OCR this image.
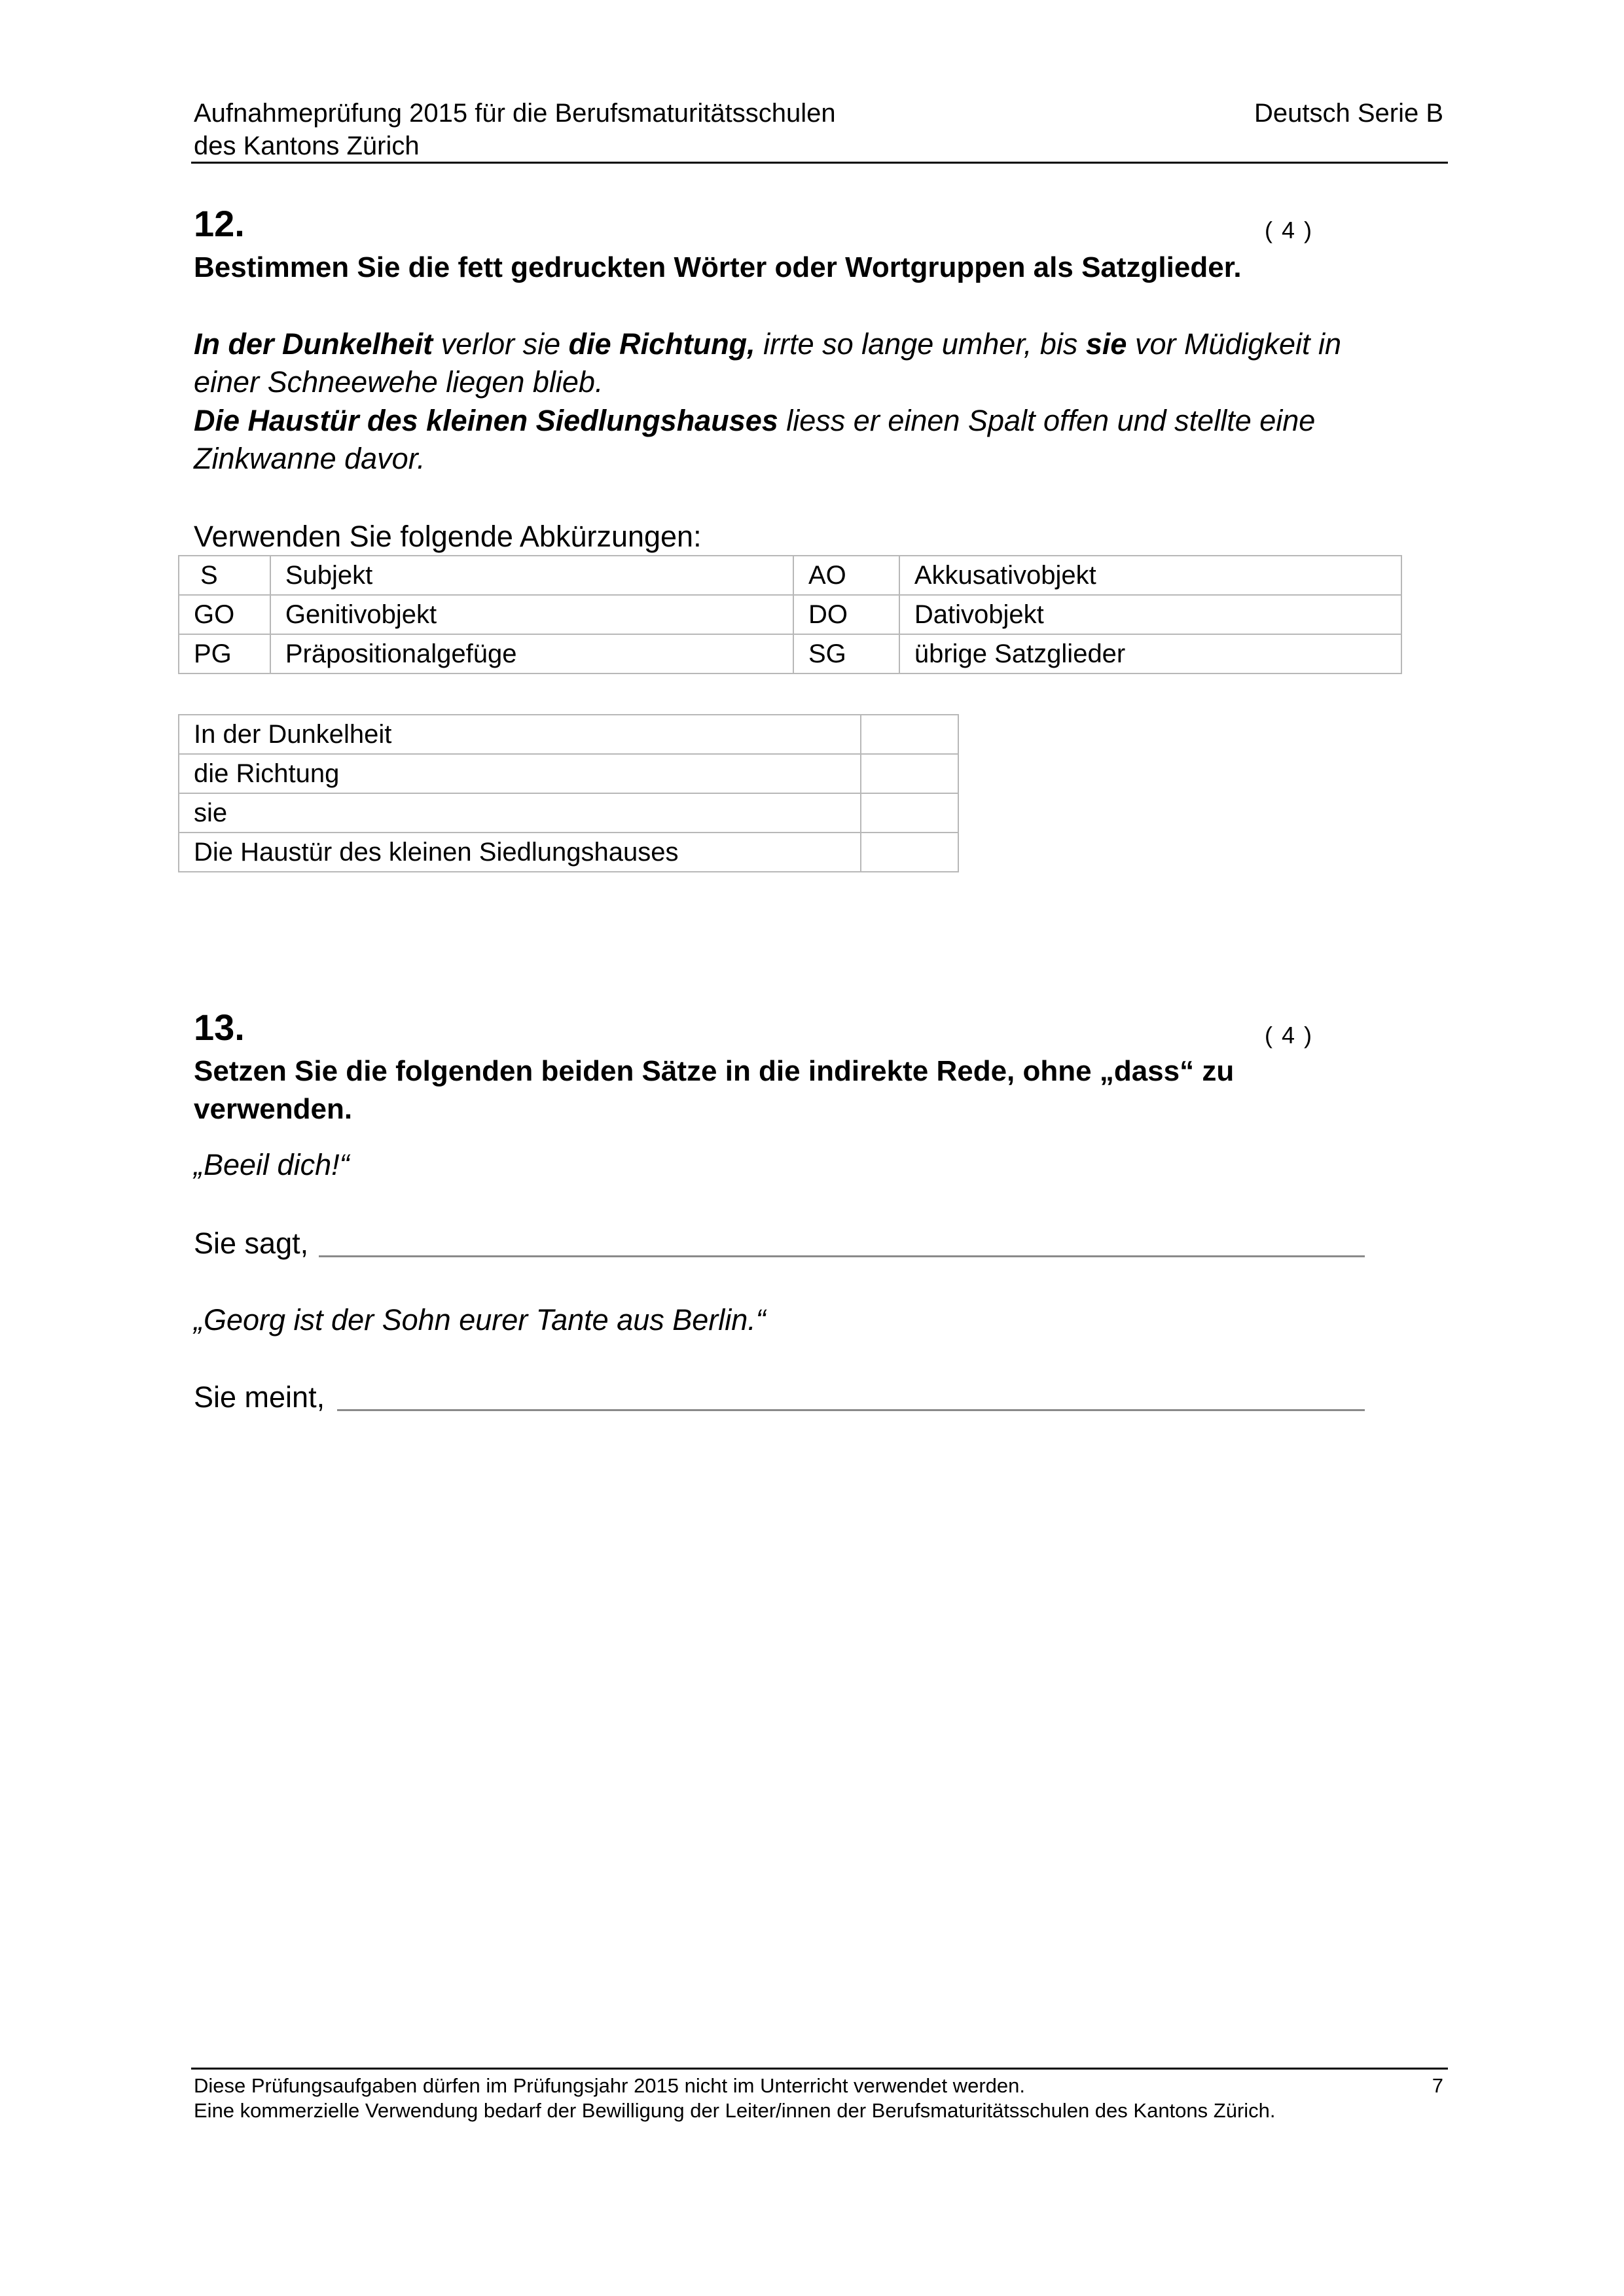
Aufnahmeprüfung 2015 für die Berufsmaturitätsschulen
des Kantons Zürich
Deutsch Serie B
12.	( 4 )
Bestimmen Sie die fett gedruckten Wörter oder Wortgruppen als Satzglieder.
In der Dunkelheit verlor sie die Richtung, irrte so lange umher, bis sie vor Müdigkeit in
einer Schneewehe liegen blieb.
Die Haustür des kleinen Siedlungshauses liess er einen Spalt offen und stellte eine
Zinkwanne davor.
Verwenden Sie folgende Abkürzungen:
S	Subjekt	AO	Akkusativobjekt
GO	Genitivobjekt	DO	Dativobjekt
PG	Präpositionalgefüge	SG	übrige Satzglieder
In der Dunkelheit	
die Richtung	
sie	
Die Haustür des kleinen Siedlungshauses	
13.	( 4 )
Setzen Sie die folgenden beiden Sätze in die indirekte Rede, ohne „dass“ zu
verwenden.
„Beeil dich!“
Sie sagt,
„Georg ist der Sohn eurer Tante aus Berlin.“
Sie meint,
Diese Prüfungsaufgaben dürfen im Prüfungsjahr 2015 nicht im Unterricht verwendet werden.
Eine kommerzielle Verwendung bedarf der Bewilligung der Leiter/innen der Berufsmaturitätsschulen des Kantons Zürich.
7
